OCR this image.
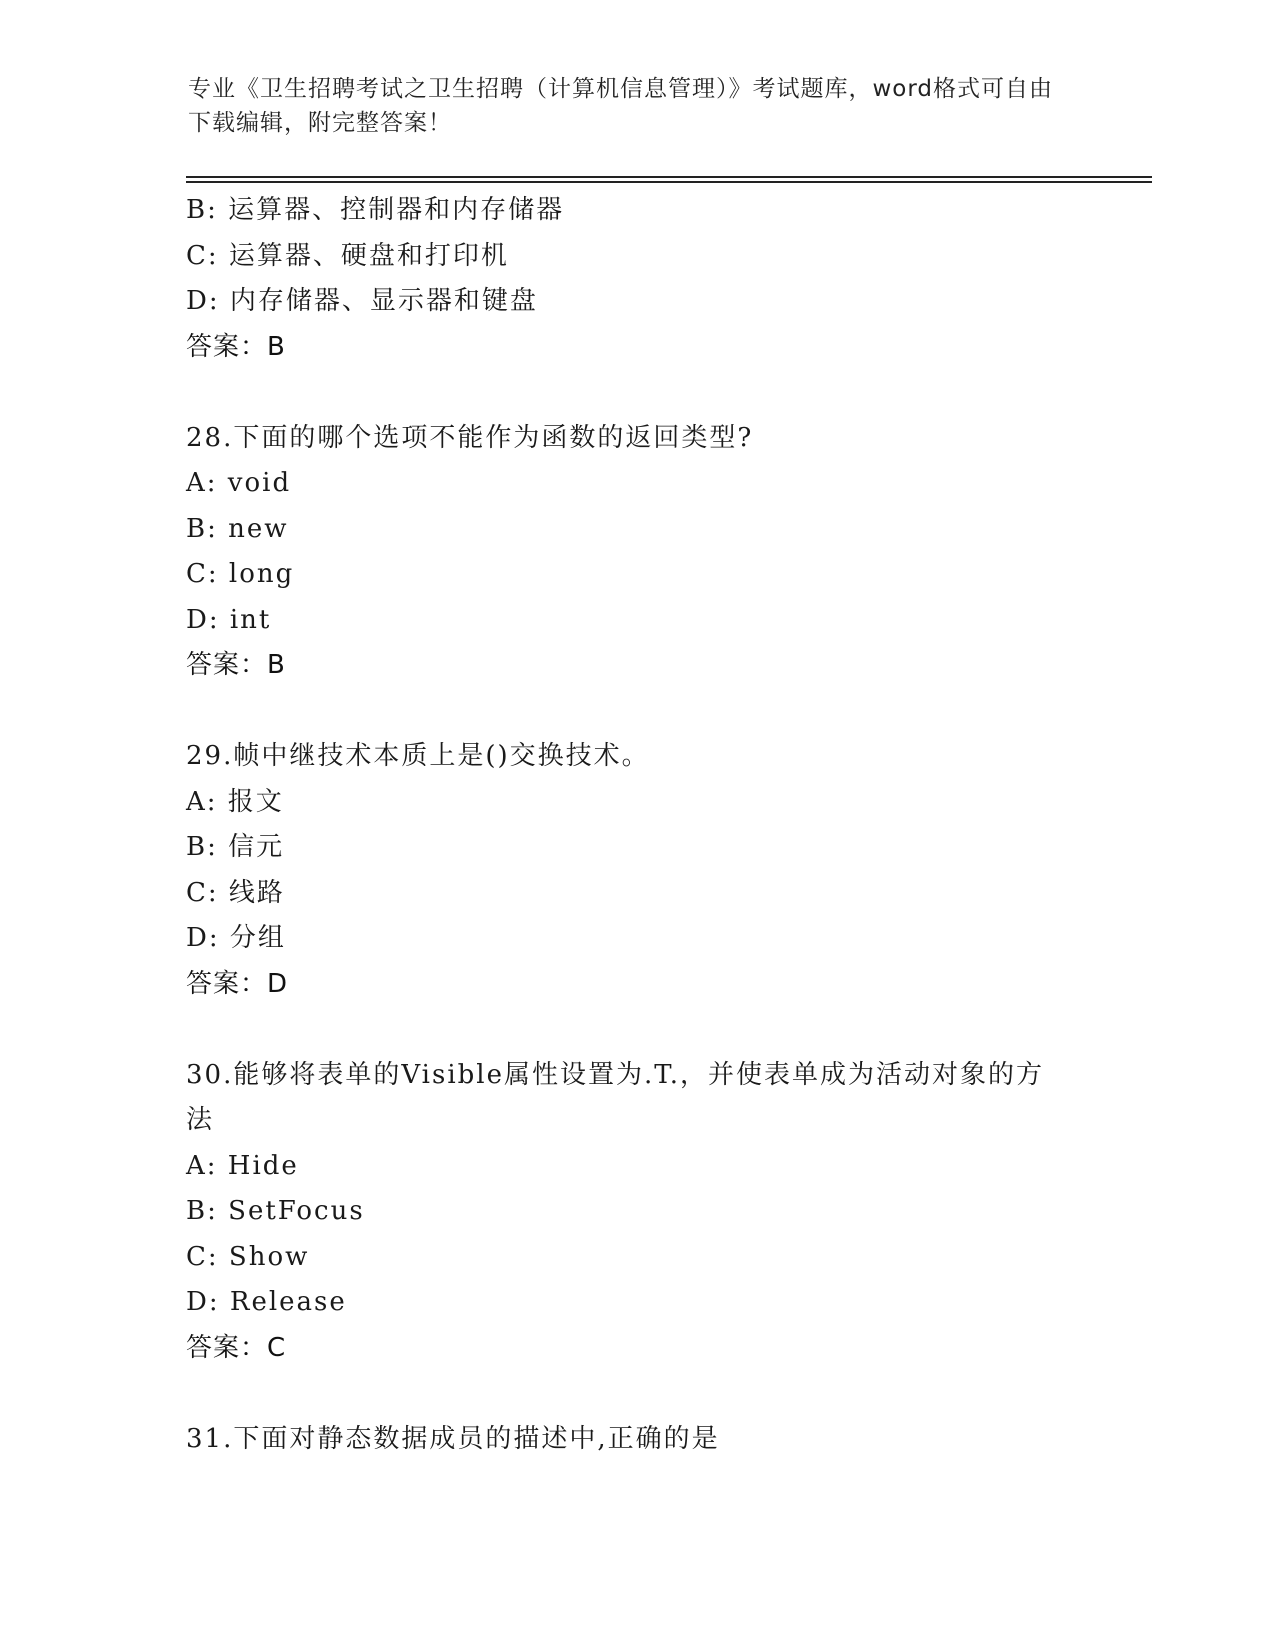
专业《卫生招聘考试之卫生招聘（计算机信息管理）》考试题库，word格式可自由下载编辑，附完整答案！
B: 运算器、控制器和内存储器
C: 运算器、硬盘和打印机
D: 内存储器、显示器和键盘
答案：B
28.下面的哪个选项不能作为函数的返回类型?
A: void
B: new
C: long
D: int
答案：B
29.帧中继技术本质上是()交换技术。
A: 报文
B: 信元
C: 线路
D: 分组
答案：D
30.能够将表单的Visible属性设置为.T.，并使表单成为活动对象的方法
A: Hide
B: SetFocus
C: Show
D: Release
答案：C
31.下面对静态数据成员的描述中,正确的是
